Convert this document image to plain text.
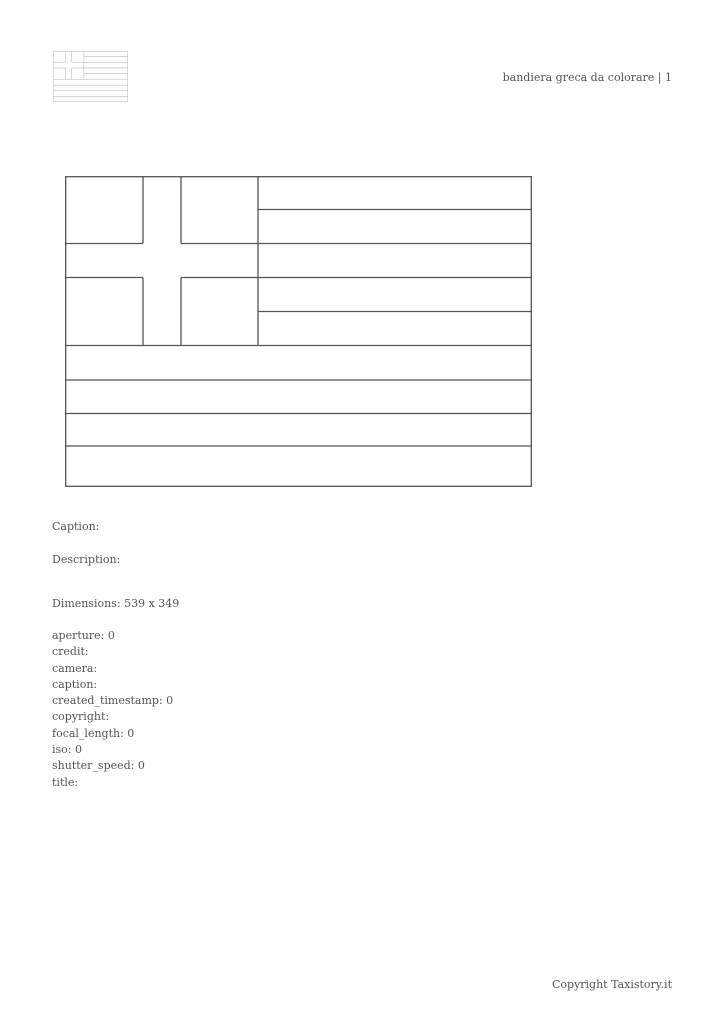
bandiera greca da colorare | 1
Caption:
Description:
Dimensions: 539 x 349
aperture: 0
credit:
camera:
caption:
created_timestamp: 0
copyright:
focal_length: 0
iso: 0
shutter_speed: 0
title:
Copyright Taxistory.it
